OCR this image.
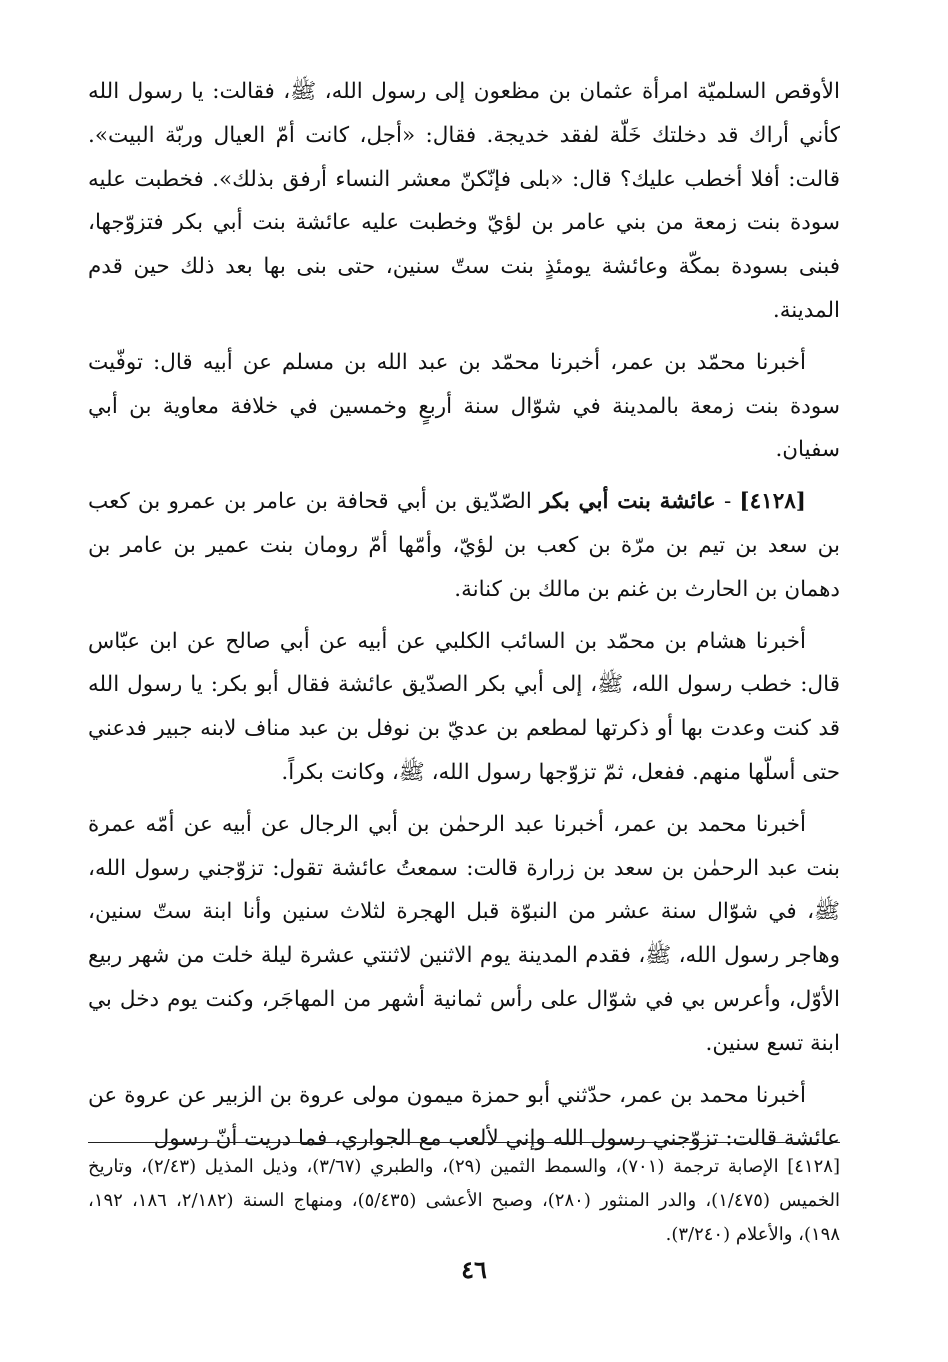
الأوقص السلميّة امرأة عثمان بن مظعون إلى رسول الله، ﷺ، فقالت: يا رسول الله كأني أراك قد دخلتك خَلّة لفقد خديجة. فقال: «أجل، كانت أمّ العيال وربّة البيت». قالت: أفلا أخطب عليك؟ قال: «بلى فإنّكنّ معشر النساء أرفق بذلك». فخطبت عليه سودة بنت زمعة من بني عامر بن لؤيّ وخطبت عليه عائشة بنت أبي بكر فتزوّجها، فبنى بسودة بمكّة وعائشة يومئذٍ بنت ستّ سنين، حتى بنى بها بعد ذلك حين قدم المدينة.

أخبرنا محمّد بن عمر، أخبرنا محمّد بن عبد الله بن مسلم عن أبيه قال: توفّيت سودة بنت زمعة بالمدينة في شوّال سنة أربعٍ وخمسين في خلافة معاوية بن أبي سفيان.

[٤١٢٨] - عائشة بنت أبي بكر الصّدّيق بن أبي قحافة بن عامر بن عمرو بن كعب بن سعد بن تيم بن مرّة بن كعب بن لؤيّ، وأمّها أمّ رومان بنت عمير بن عامر بن دهمان بن الحارث بن غنم بن مالك بن كنانة.

أخبرنا هشام بن محمّد بن السائب الكلبي عن أبيه عن أبي صالح عن ابن عبّاس قال: خطب رسول الله، ﷺ، إلى أبي بكر الصدّيق عائشة فقال أبو بكر: يا رسول الله قد كنت وعدت بها أو ذكرتها لمطعم بن عديّ بن نوفل بن عبد مناف لابنه جبير فدعني حتى أسلّها منهم. ففعل، ثمّ تزوّجها رسول الله، ﷺ، وكانت بكراً.

أخبرنا محمد بن عمر، أخبرنا عبد الرحمٰن بن أبي الرجال عن أبيه عن أمّه عمرة بنت عبد الرحمٰن بن سعد بن زرارة قالت: سمعتُ عائشة تقول: تزوّجني رسول الله، ﷺ، في شوّال سنة عشر من النبوّة قبل الهجرة لثلاث سنين وأنا ابنة ستّ سنين، وهاجر رسول الله، ﷺ، فقدم المدينة يوم الاثنين لاثنتي عشرة ليلة خلت من شهر ربيع الأوّل، وأعرس بي في شوّال على رأس ثمانية أشهر من المهاجَر، وكنت يوم دخل بي ابنة تسع سنين.

أخبرنا محمد بن عمر، حدّثني أبو حمزة ميمون مولى عروة بن الزبير عن عروة عن عائشة قالت: تزوّجني رسول الله وإني لألعب مع الجواري، فما دريت أنّ رسول

[٤١٢٨] الإصابة ترجمة (٧٠١)، والسمط الثمين (٢٩)، والطبري (٣/٦٧)، وذيل المذيل (٢/٤٣)، وتاريخ الخميس (١/٤٧٥)، والدر المنثور (٢٨٠)، وصبح الأعشى (٥/٤٣٥)، ومنهاج السنة (٢/١٨٢، ١٨٦، ١٩٢، ١٩٨)، والأعلام (٣/٢٤٠).

٤٦
